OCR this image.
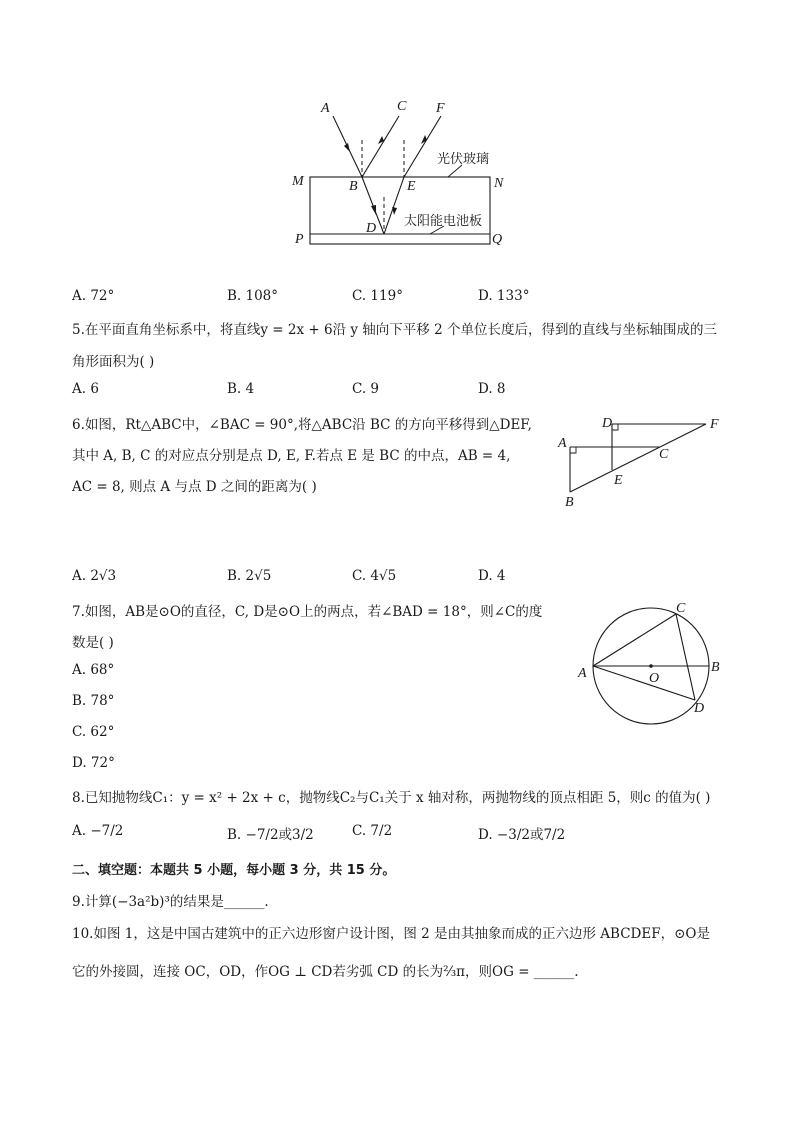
A	C F
M	N
B	E
D
P	Q
光伏玻璃
太阳能电池板
A. 72°	B. 108°	C. 119°	D. 133°
5.在平面直角坐标系中，将直线y = 2x + 6沿 y 轴向下平移 2 个单位长度后，得到的直线与坐标轴围成的三
角形面积为( )
A. 6	B. 4	C. 9	D. 8
6.如图，Rt△ABC中，∠BAC = 90°,将△ABC沿 BC 的方向平移得到△DEF,
其中 A, B, C 的对应点分别是点 D, E, F.若点 E 是 BC 的中点，AB = 4,
AC = 8, 则点 A 与点 D 之间的距离为( )
D	F
A
C
E
B
A. 2√3	B. 2√5	C. 4√5	D. 4
7.如图，AB是⊙O的直径，C, D是⊙O上的两点，若∠BAD = 18°，则∠C的度
数是( )
A. 68°
B. 78°
C. 62°
D. 72°
C
A	O
B
D
8.已知抛物线C₁：y = x² + 2x + c，抛物线C₂与C₁关于 x 轴对称，两抛物线的顶点相距 5，则c 的值为( )
A. −7/2	B. −7/2或3/2	C. 7/2	D. −3/2或7/2
二、填空题：本题共 5 小题，每小题 3 分，共 15 分。
9.计算(−3a²b)³的结果是______.
10.如图 1，这是中国古建筑中的正六边形窗户设计图，图 2 是由其抽象而成的正六边形 ABCDEF，⊙O是
它的外接圆，连接 OC，OD，作OG ⊥ CD若劣弧 CD 的长为⅔π，则OG = ______.
